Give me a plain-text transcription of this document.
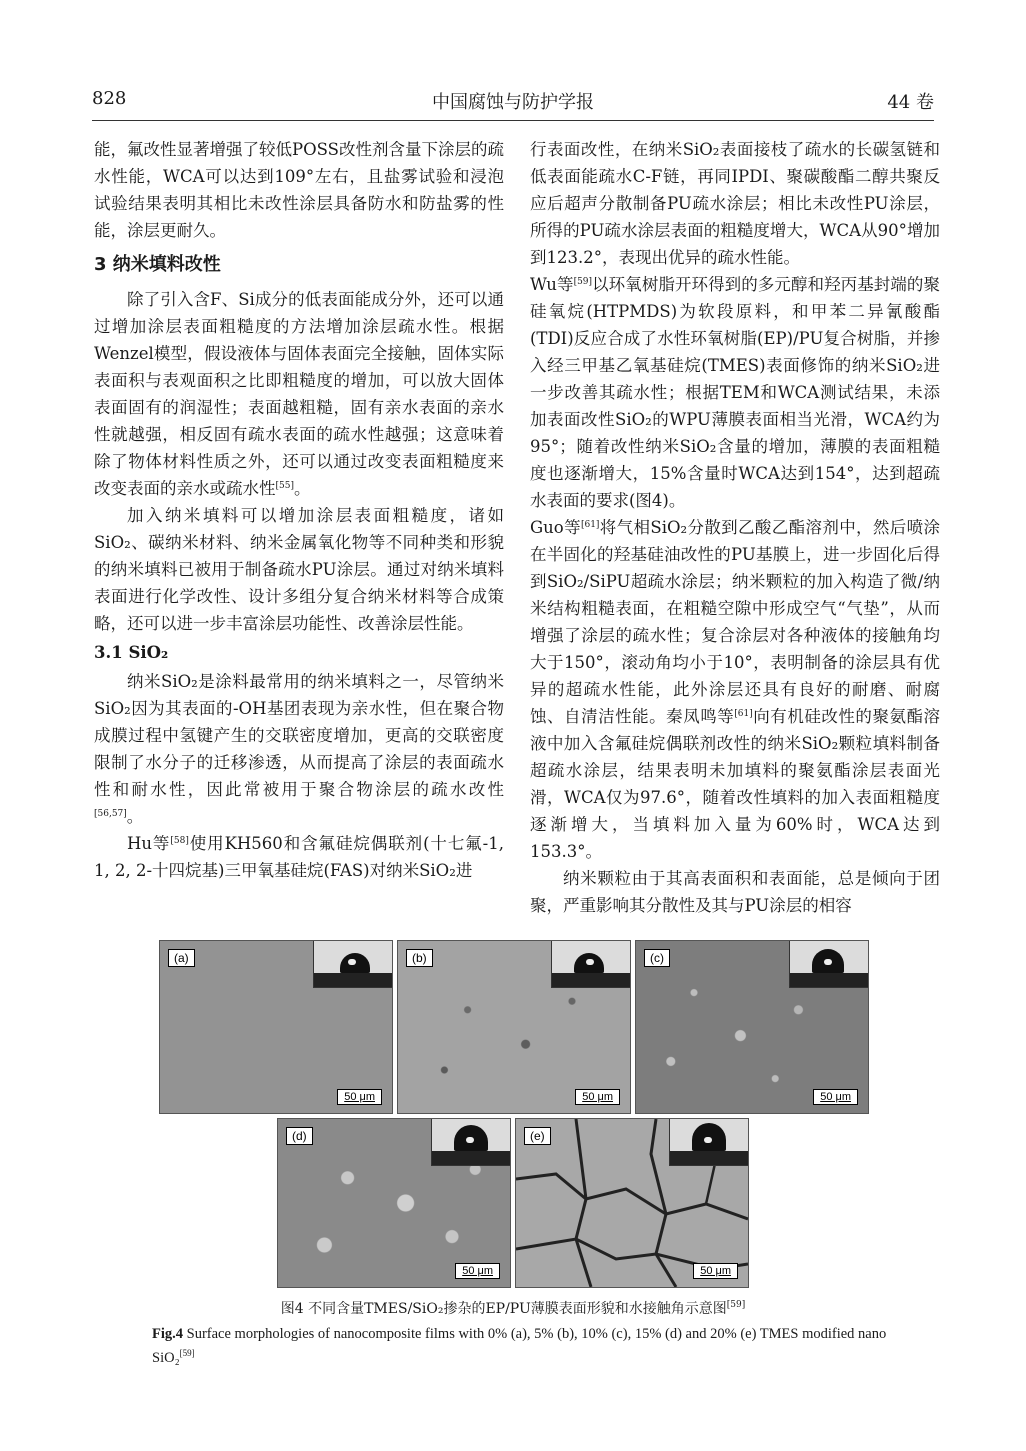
828	中国腐蚀与防护学报	44 卷

能，氟改性显著增强了较低POSS改性剂含量下涂层的疏水性能，WCA可以达到109°左右，且盐雾试验和浸泡试验结果表明其相比未改性涂层具备防水和防盐雾的性能，涂层更耐久。

3 纳米填料改性

除了引入含F、Si成分的低表面能成分外，还可以通过增加涂层表面粗糙度的方法增加涂层疏水性。根据Wenzel模型，假设液体与固体表面完全接触，固体实际表面积与表观面积之比即粗糙度的增加，可以放大固体表面固有的润湿性；表面越粗糙，固有亲水表面的亲水性就越强，相反固有疏水表面的疏水性越强；这意味着除了物体材料性质之外，还可以通过改变表面粗糙度来改变表面的亲水或疏水性[55]。

加入纳米填料可以增加涂层表面粗糙度，诸如SiO₂、碳纳米材料、纳米金属氧化物等不同种类和形貌的纳米填料已被用于制备疏水PU涂层。通过对纳米填料表面进行化学改性、设计多组分复合纳米材料等合成策略，还可以进一步丰富涂层功能性、改善涂层性能。

3.1 SiO₂

纳米SiO₂是涂料最常用的纳米填料之一，尽管纳米SiO₂因为其表面的-OH基团表现为亲水性，但在聚合物成膜过程中氢键产生的交联密度增加，更高的交联密度限制了水分子的迁移渗透，从而提高了涂层的表面疏水性和耐水性，因此常被用于聚合物涂层的疏水改性[56,57]。

Hu等[58]使用KH560和含氟硅烷偶联剂(十七氟-1, 1, 2, 2-十四烷基)三甲氧基硅烷(FAS)对纳米SiO₂进

行表面改性，在纳米SiO₂表面接枝了疏水的长碳氢链和低表面能疏水C-F链，再同IPDI、聚碳酸酯二醇共聚反应后超声分散制备PU疏水涂层；相比未改性PU涂层，所得的PU疏水涂层表面的粗糙度增大，WCA从90°增加到123.2°，表现出优异的疏水性能。

Wu等[59]以环氧树脂开环得到的多元醇和羟丙基封端的聚硅氧烷(HTPMDS)为软段原料，和甲苯二异氰酸酯(TDI)反应合成了水性环氧树脂(EP)/PU复合树脂，并掺入经三甲基乙氧基硅烷(TMES)表面修饰的纳米SiO₂进一步改善其疏水性；根据TEM和WCA测试结果，未添加表面改性SiO₂的WPU薄膜表面相当光滑，WCA约为95°；随着改性纳米SiO₂含量的增加，薄膜的表面粗糙度也逐渐增大，15%含量时WCA达到154°，达到超疏水表面的要求(图4)。

Guo等[61]将气相SiO₂分散到乙酸乙酯溶剂中，然后喷涂在半固化的羟基硅油改性的PU基膜上，进一步固化后得到SiO₂/SiPU超疏水涂层；纳米颗粒的加入构造了微/纳米结构粗糙表面，在粗糙空隙中形成空气“气垫”，从而增强了涂层的疏水性；复合涂层对各种液体的接触角均大于150°，滚动角均小于10°，表明制备的涂层具有优异的超疏水性能，此外涂层还具有良好的耐磨、耐腐蚀、自清洁性能。秦凤鸣等[61]向有机硅改性的聚氨酯溶液中加入含氟硅烷偶联剂改性的纳米SiO₂颗粒填料制备超疏水涂层，结果表明未加填料的聚氨酯涂层表面光滑，WCA仅为97.6°，随着改性填料的加入表面粗糙度逐渐增大，当填料加入量为60%时，WCA达到153.3°。

纳米颗粒由于其高表面积和表面能，总是倾向于团聚，严重影响其分散性及其与PU涂层的相容

(a)
50 μm
(b)
50 μm
(c)
50 μm
(d)
50 μm
(e)
50 μm
图4 不同含量TMES/SiO₂掺杂的EP/PU薄膜表面形貌和水接触角示意图[59]
Fig.4 Surface morphologies of nanocomposite films with 0% (a), 5% (b), 10% (c), 15% (d) and 20% (e) TMES modified nano SiO₂[59]
